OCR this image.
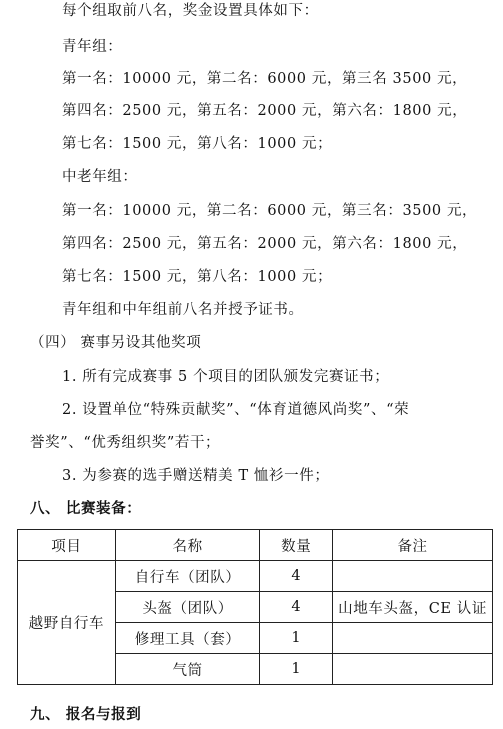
每个组取前八名，奖金设置具体如下：
青年组：
第一名：10000 元，第二名：6000 元，第三名 3500 元，
第四名：2500 元，第五名：2000 元，第六名：1800 元，
第七名：1500 元，第八名：1000 元；
中老年组：
第一名：10000 元，第二名：6000 元，第三名：3500 元，
第四名：2500 元，第五名：2000 元，第六名：1800 元，
第七名：1500 元，第八名：1000 元；
青年组和中年组前八名并授予证书。
（四） 赛事另设其他奖项
1. 所有完成赛事 5 个项目的团队颁发完赛证书；
2. 设置单位“特殊贡献奖”、“体育道德风尚奖”、“荣
誉奖”、“优秀组织奖”若干；
3. 为参赛的选手赠送精美 T 恤衫一件；
八、 比赛装备：
项目	名称	数量	备注
越野自行车	自行车（团队）	4	
	头盔（团队）	4	山地车头盔，CE 认证
	修理工具（套）	1	
	气筒	1	
九、 报名与报到
